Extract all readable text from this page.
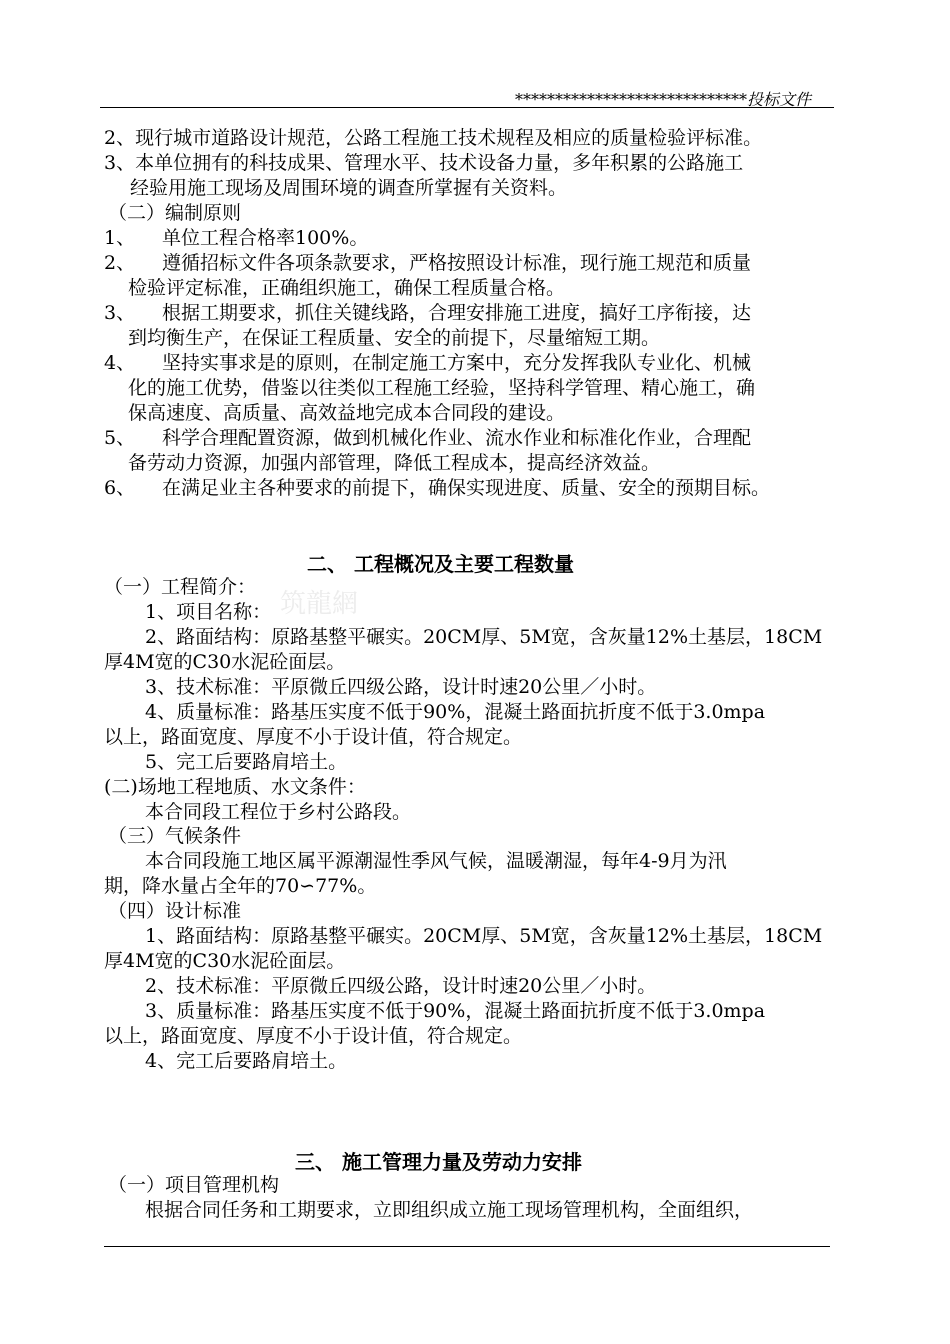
*****************************投标文件
筑龍網
2、现行城市道路设计规范，公路工程施工技术规程及相应的质量检验评标准。
3、本单位拥有的科技成果、管理水平、技术设备力量，多年积累的公路施工
经验用施工现场及周围环境的调查所掌握有关资料。
（二）编制原则
1、 单位工程合格率100%。
2、 遵循招标文件各项条款要求，严格按照设计标准，现行施工规范和质量
检验评定标准，正确组织施工，确保工程质量合格。
3、 根据工期要求，抓住关键线路，合理安排施工进度，搞好工序衔接，达
到均衡生产，在保证工程质量、安全的前提下，尽量缩短工期。
4、 坚持实事求是的原则，在制定施工方案中，充分发挥我队专业化、机械
化的施工优势，借鉴以往类似工程施工经验，坚持科学管理、精心施工，确
保高速度、高质量、高效益地完成本合同段的建设。
5、 科学合理配置资源，做到机械化作业、流水作业和标准化作业，合理配
备劳动力资源，加强内部管理，降低工程成本，提高经济效益。
6、 在满足业主各种要求的前提下，确保实现进度、质量、安全的预期目标。
二、 工程概况及主要工程数量
（一）工程简介：
1、项目名称：
2、路面结构：原路基整平碾实。20CM厚、5M宽，含灰量12%土基层，18CM
厚4M宽的C30水泥砼面层。
3、技术标准：平原微丘四级公路，设计时速20公里／小时。
4、质量标准：路基压实度不低于90%，混凝土路面抗折度不低于3.0mpa
以上，路面宽度、厚度不小于设计值，符合规定。
5、完工后要路肩培土。
(二)场地工程地质、水文条件：
本合同段工程位于乡村公路段。
（三）气候条件
本合同段施工地区属平源潮湿性季风气候，温暖潮湿，每年4-9月为汛
期，降水量占全年的70∽77%。
（四）设计标准
1、路面结构：原路基整平碾实。20CM厚、5M宽，含灰量12%土基层，18CM
厚4M宽的C30水泥砼面层。
2、技术标准：平原微丘四级公路，设计时速20公里／小时。
3、质量标准：路基压实度不低于90%，混凝土路面抗折度不低于3.0mpa
以上，路面宽度、厚度不小于设计值，符合规定。
4、完工后要路肩培土。
三、 施工管理力量及劳动力安排
（一）项目管理机构
根据合同任务和工期要求，立即组织成立施工现场管理机构，全面组织，
